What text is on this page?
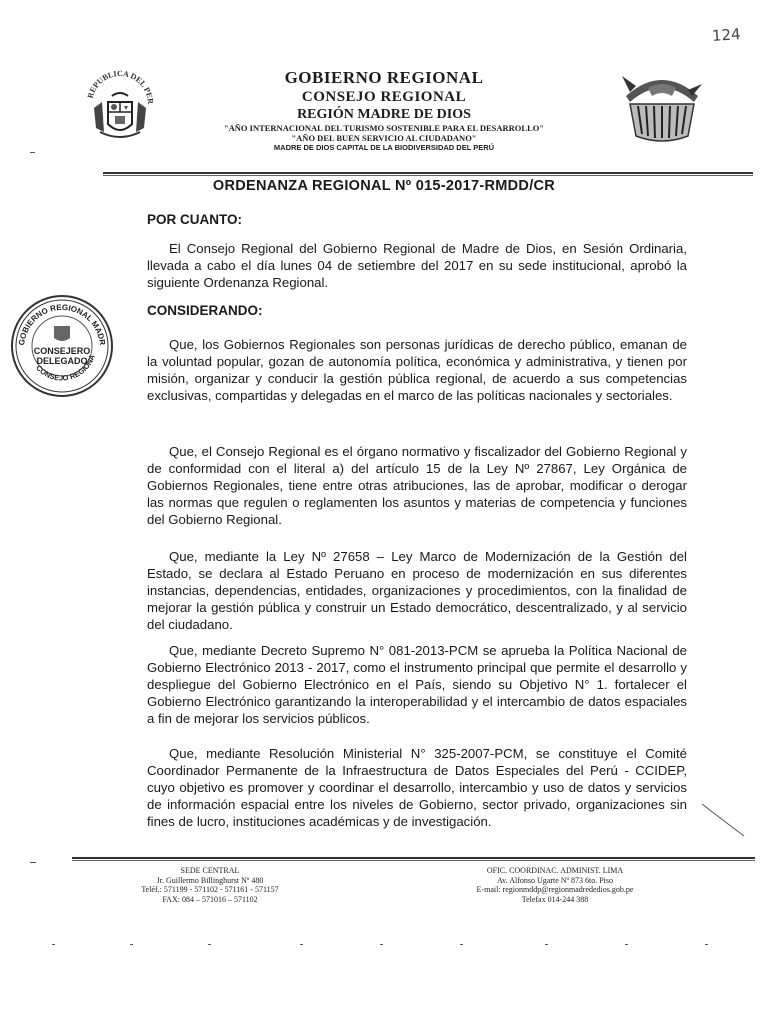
124
REPUBLICA DEL PER
GOBIERNO REGIONAL
CONSEJO REGIONAL
REGIÓN MADRE DE DIOS
"AÑO INTERNACIONAL DEL TURISMO SOSTENIBLE PARA EL DESARROLLO"
"AÑO DEL BUEN SERVICIO AL CIUDADANO"
MADRE DE DIOS CAPITAL DE LA BIODIVERSIDAD DEL PERÚ
ORDENANZA REGIONAL Nº 015-2017-RMDD/CR
GOBIERNO REGIONAL MADR
CONSEJO REGIONA
CONSEJERO
DELEGADO
POR CUANTO:

El Consejo Regional del Gobierno Regional de Madre de Dios, en Sesión Ordinaria, llevada a cabo el día lunes 04 de setiembre del 2017 en su sede institucional, aprobó la siguiente Ordenanza Regional.

CONSIDERANDO:

Que, los Gobiernos Regionales son personas jurídicas de derecho público, emanan de la voluntad popular, gozan de autonomía política, económica y administrativa, y tienen por misión, organizar y conducir la gestión pública regional, de acuerdo a sus competencias exclusivas, compartidas y delegadas en el marco de las políticas nacionales y sectoriales.

Que, el Consejo Regional es el órgano normativo y fiscalizador del Gobierno Regional y de conformidad con el literal a) del artículo 15 de la Ley Nº 27867, Ley Orgánica de Gobiernos Regionales, tiene entre otras atribuciones, las de aprobar, modificar o derogar las normas que regulen o reglamenten los asuntos y materias de competencia y funciones del Gobierno Regional.

Que, mediante la Ley Nº 27658 – Ley Marco de Modernización de la Gestión del Estado, se declara al Estado Peruano en proceso de modernización en sus diferentes instancias, dependencias, entidades, organizaciones y procedimientos, con la finalidad de mejorar la gestión pública y construir un Estado democrático, descentralizado, y al servicio del ciudadano.

Que, mediante Decreto Supremo N° 081-2013-PCM se aprueba la Política Nacional de Gobierno Electrónico 2013 - 2017, como el instrumento principal que permite el desarrollo y despliegue del Gobierno Electrónico en el País, siendo su Objetivo N° 1. fortalecer el Gobierno Electrónico garantizando la interoperabilidad y el intercambio de datos espaciales a fin de mejorar los servicios públicos.

Que, mediante Resolución Ministerial N° 325-2007-PCM, se constituye el Comité Coordinador Permanente de la Infraestructura de Datos Especiales del Perú - CCIDEP, cuyo objetivo es promover y coordinar el desarrollo, intercambio y uso de datos y servicios de información espacial entre los niveles de Gobierno, sector privado, organizaciones sin fines de lucro, instituciones académicas y de investigación.

SEDE CENTRAL
Jr. Guillermo Billinghurst Nº 480
Teléf.: 571199 - 571102 - 571161 - 571157
FAX: 084 – 571016 – 571102
OFIC. COORDINAC. ADMINIST. LIMA
Av. Alfonso Ugarte Nº 873 6to. Piso
E-mail: regionmddp@regionmadrededios.gob.pe
Telefax 014-244 388
